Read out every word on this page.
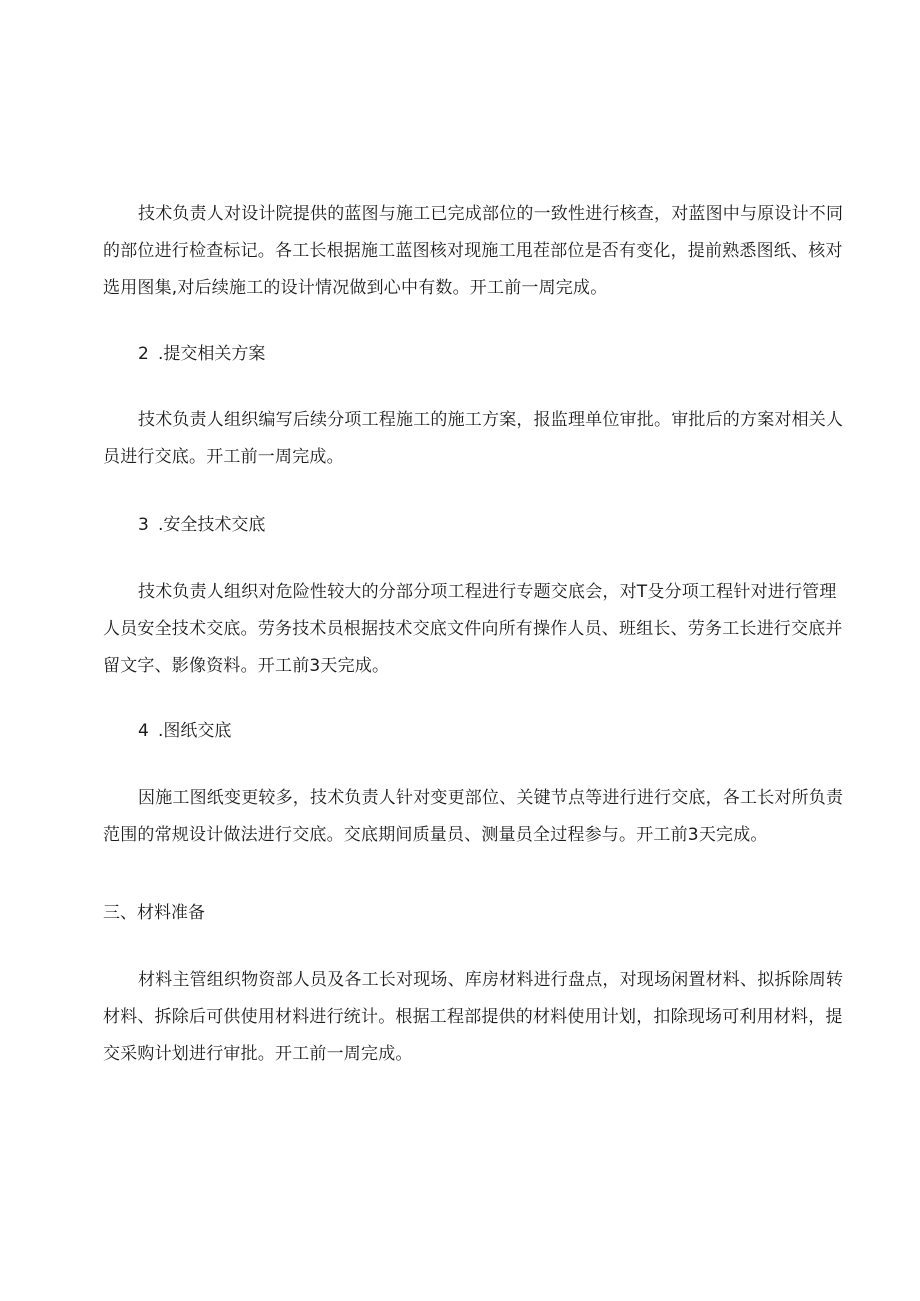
技术负责人对设计院提供的蓝图与施工已完成部位的一致性进行核查，对蓝图中与原设计不同
的部位进行检查标记。各工长根据施工蓝图核对现施工甩茬部位是否有变化，提前熟悉图纸、核对
选用图集,对后续施工的设计情况做到心中有数。开工前一周完成。

2 .提交相关方案

技术负责人组织编写后续分项工程施工的施工方案，报监理单位审批。审批后的方案对相关人
员进行交底。开工前一周完成。

3 .安全技术交底

技术负责人组织对危险性较大的分部分项工程进行专题交底会，对T殳分项工程针对进行管理
人员安全技术交底。劳务技术员根据技术交底文件向所有操作人员、班组长、劳务工长进行交底并
留文字、影像资料。开工前3天完成。

4 .图纸交底

因施工图纸变更较多，技术负责人针对变更部位、关键节点等进行进行交底，各工长对所负责
范围的常规设计做法进行交底。交底期间质量员、测量员全过程参与。开工前3天完成。

三、材料准备

材料主管组织物资部人员及各工长对现场、库房材料进行盘点，对现场闲置材料、拟拆除周转
材料、拆除后可供使用材料进行统计。根据工程部提供的材料使用计划，扣除现场可利用材料，提
交采购计划进行审批。开工前一周完成。
